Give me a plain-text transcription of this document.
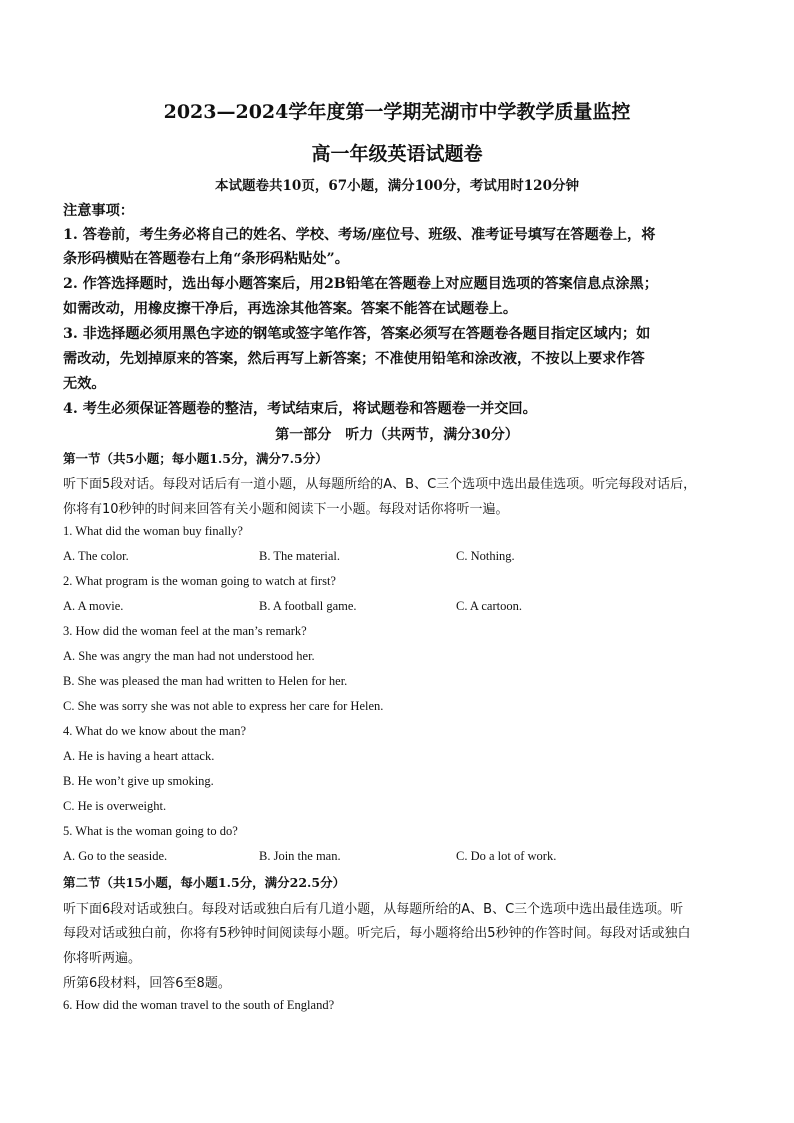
2023—2024学年度第一学期芜湖市中学教学质量监控
高一年级英语试题卷
本试题卷共10页，67小题，满分100分，考试用时120分钟
注意事项：
1. 答卷前，考生务必将自己的姓名、学校、考场/座位号、班级、准考证号填写在答题卷上，将
条形码横贴在答题卷右上角“条形码粘贴处”。
2. 作答选择题时，选出每小题答案后，用2B铅笔在答题卷上对应题目选项的答案信息点涂黑；
如需改动，用橡皮擦干净后，再选涂其他答案。答案不能答在试题卷上。
3. 非选择题必须用黑色字迹的钢笔或签字笔作答，答案必须写在答题卷各题目指定区域内；如
需改动，先划掉原来的答案，然后再写上新答案；不准使用铅笔和涂改液，不按以上要求作答
无效。
4. 考生必须保证答题卷的整洁，考试结束后，将试题卷和答题卷一并交回。
第一部分　听力（共两节，满分30分）
第一节（共5小题；每小题1.5分，满分7.5分）
听下面5段对话。每段对话后有一道小题，从每题所给的A、B、C三个选项中选出最佳选项。听完每段对话后，
你将有10秒钟的时间来回答有关小题和阅读下一小题。每段对话你将听一遍。
1. What did the woman buy finally?
A. The color.	B. The material.	C. Nothing.
2. What program is the woman going to watch at first?
A. A movie.	B. A football game.	C. A cartoon.
3. How did the woman feel at the man’s remark?
A. She was angry the man had not understood her.
B. She was pleased the man had written to Helen for her.
C. She was sorry she was not able to express her care for Helen.
4. What do we know about the man?
A. He is having a heart attack.
B. He won’t give up smoking.
C. He is overweight.
5. What is the woman going to do?
A. Go to the seaside.	B. Join the man.	C. Do a lot of work.
第二节（共15小题，每小题1.5分，满分22.5分）
听下面6段对话或独白。每段对话或独白后有几道小题，从每题所给的A、B、C三个选项中选出最佳选项。听
每段对话或独白前，你将有5秒钟时间阅读每小题。听完后，每小题将给出5秒钟的作答时间。每段对话或独白
你将听两遍。
所第6段材料，回答6至8题。
6. How did the woman travel to the south of England?
